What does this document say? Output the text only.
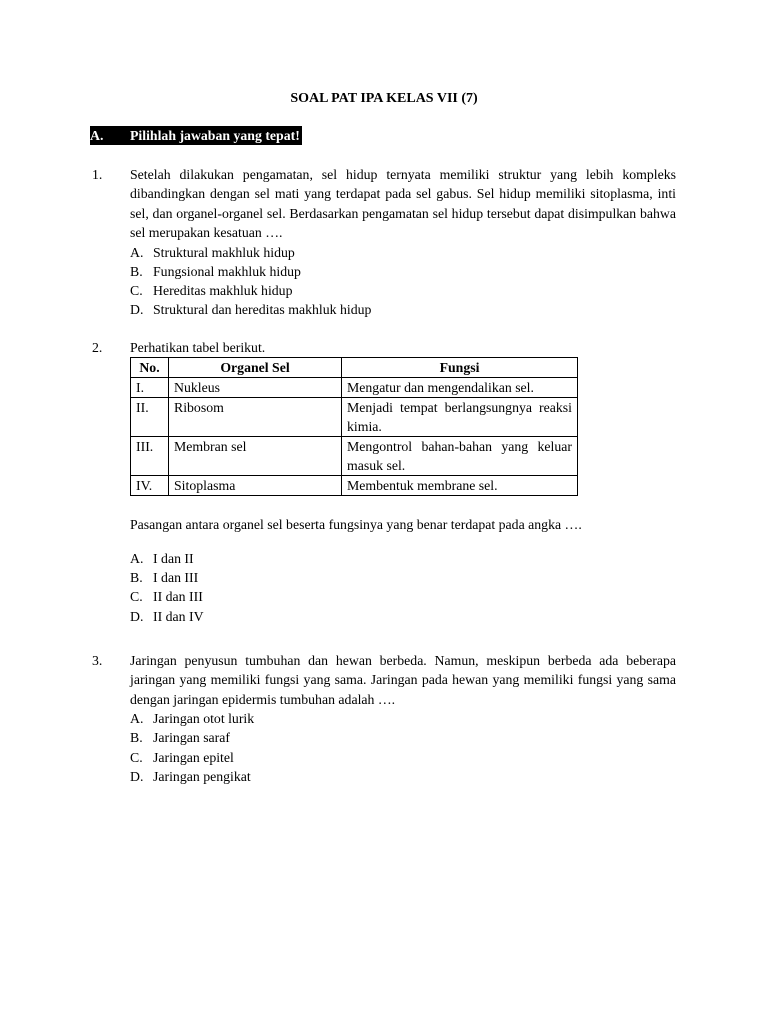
SOAL PAT IPA KELAS VII (7)
A. Pilihlah jawaban yang tepat!
1. Setelah dilakukan pengamatan, sel hidup ternyata memiliki struktur yang lebih kompleks dibandingkan dengan sel mati yang terdapat pada sel gabus. Sel hidup memiliki sitoplasma, inti sel, dan organel-organel sel. Berdasarkan pengamatan sel hidup tersebut dapat disimpulkan bahwa sel merupakan kesatuan ….

A. Struktural makhluk hidup
B. Fungsional makhluk hidup
C. Hereditas makhluk hidup
D. Struktural dan hereditas makhluk hidup
2. Perhatikan tabel berikut.

No.	Organel Sel	Fungsi
I.	Nukleus	Mengatur dan mengendalikan sel.
II.	Ribosom	Menjadi tempat berlangsungnya reaksi kimia.
III.	Membran sel	Mengontrol bahan-bahan yang keluar masuk sel.
IV.	Sitoplasma	Membentuk membrane sel.

Pasangan antara organel sel beserta fungsinya yang benar terdapat pada angka ….

A. I dan II
B. I dan III
C. II dan III
D. II dan IV
3. Jaringan penyusun tumbuhan dan hewan berbeda. Namun, meskipun berbeda ada beberapa jaringan yang memiliki fungsi yang sama. Jaringan pada hewan yang memiliki fungsi yang sama dengan jaringan epidermis tumbuhan adalah ….

A. Jaringan otot lurik
B. Jaringan saraf
C. Jaringan epitel
D. Jaringan pengikat
